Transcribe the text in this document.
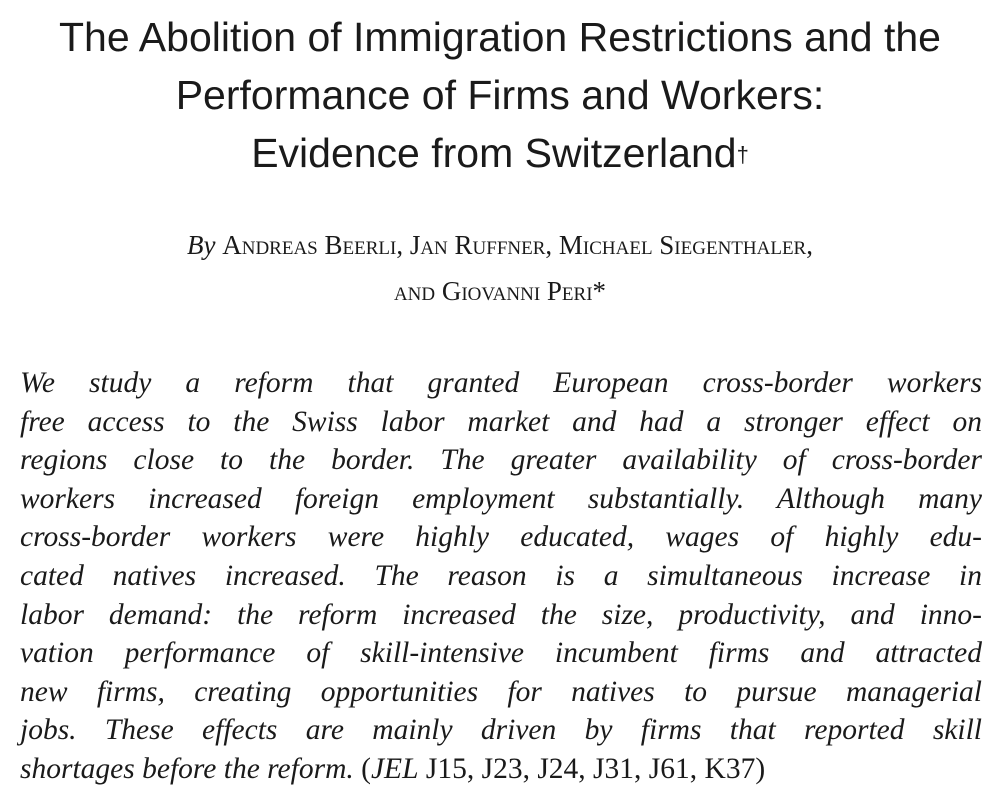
The Abolition of Immigration Restrictions and the
Performance of Firms and Workers:
Evidence from Switzerland†
By Andreas Beerli, Jan Ruffner, Michael Siegenthaler,
and Giovanni Peri*
We study a reform that granted European cross-border workers
free access to the Swiss labor market and had a stronger effect on
regions close to the border. The greater availability of cross-border
workers increased foreign employment substantially. Although many
cross-border workers were highly educated, wages of highly edu-
cated natives increased. The reason is a simultaneous increase in
labor demand: the reform increased the size, productivity, and inno-
vation performance of skill-intensive incumbent firms and attracted
new firms, creating opportunities for natives to pursue managerial
jobs. These effects are mainly driven by firms that reported skill
shortages before the reform. (JEL J15, J23, J24, J31, J61, K37)
